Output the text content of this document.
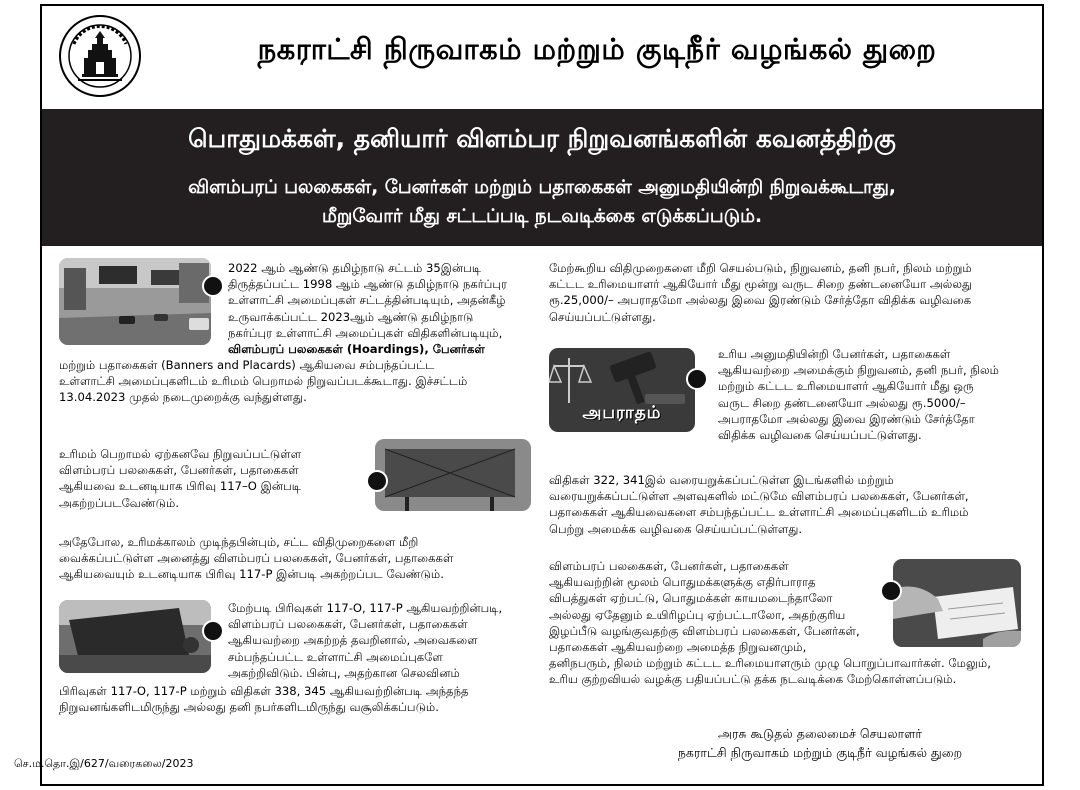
நகராட்சி நிருவாகம் மற்றும் குடிநீர் வழங்கல் துறை
பொதுமக்கள், தனியார் விளம்பர நிறுவனங்களின் கவனத்திற்கு
விளம்பரப் பலகைகள், பேனர்கள் மற்றும் பதாகைகள் அனுமதியின்றி நிறுவக்கூடாது,
மீறுவோர் மீது சட்டப்படி நடவடிக்கை எடுக்கப்படும்.

2022 ஆம் ஆண்டு தமிழ்நாடு சட்டம் 35இன்படி

திருத்தப்பட்ட 1998 ஆம் ஆண்டு தமிழ்நாடு நகர்ப்புர

உள்ளாட்சி அமைப்புகள் சட்டத்தின்படியும், அதன்கீழ்

உருவாக்கப்பட்ட 2023ஆம் ஆண்டு தமிழ்நாடு

நகர்ப்புர உள்ளாட்சி அமைப்புகள் விதிகளின்படியும்,

விளம்பரப் பலகைகள் (Hoardings), பேனர்கள்

மற்றும் பதாகைகள் (Banners and Placards) ஆகியவை சம்பந்தப்பட்ட

உள்ளாட்சி அமைப்புகளிடம் உரிமம் பெறாமல் நிறுவப்படக்கூடாது. இச்சட்டம்

13.04.2023 முதல் நடைமுறைக்கு வந்துள்ளது.

உரிமம் பெறாமல் ஏற்கனவே நிறுவப்பட்டுள்ள

விளம்பரப் பலகைகள், பேனர்கள், பதாகைகள்

ஆகியவை உடனடியாக பிரிவு 117–O இன்படி

அகற்றப்படவேண்டும்.

அதேபோல, உரிமக்காலம் முடிந்தபின்பும், சட்ட விதிமுறைகளை மீறி

வைக்கப்பட்டுள்ள அனைத்து விளம்பரப் பலகைகள், பேனர்கள், பதாகைகள்

ஆகியவையும் உடனடியாக பிரிவு 117-P இன்படி அகற்றப்பட வேண்டும்.

மேற்படி பிரிவுகள் 117-O, 117-P ஆகியவற்றின்படி,

விளம்பரப் பலகைகள், பேனர்கள், பதாகைகள்

ஆகியவற்றை அகற்றத் தவறினால், அவைகளை

சம்பந்தப்பட்ட உள்ளாட்சி அமைப்புகளே

அகற்றிவிடும். பின்பு, அதற்கான செலவினம்

பிரிவுகள் 117-O, 117-P மற்றும் விதிகள் 338, 345 ஆகியவற்றின்படி அந்தந்த

நிறுவனங்களிடமிருந்து அல்லது தனி நபர்களிடமிருந்து வசூலிக்கப்படும்.

மேற்கூறிய விதிமுறைகளை மீறி செயல்படும், நிறுவனம், தனி நபர், நிலம் மற்றும்

கட்டட உரிமையாளர் ஆகியோர் மீது மூன்று வருட சிறை தண்டனையோ அல்லது

ரூ.25,000/– அபராதமோ அல்லது இவை இரண்டும் சேர்த்தோ விதிக்க வழிவகை

செய்யப்பட்டுள்ளது.

அபராதம்

உரிய அனுமதியின்றி பேனர்கள், பதாகைகள்

ஆகியவற்றை அமைக்கும் நிறுவனம், தனி நபர், நிலம்

மற்றும் கட்டட உரிமையாளர் ஆகியோர் மீது ஒரு

வருட சிறை தண்டனையோ அல்லது ரூ.5000/–

அபராதமோ அல்லது இவை இரண்டும் சேர்த்தோ

விதிக்க வழிவகை செய்யப்பட்டுள்ளது.

விதிகள் 322, 341இல் வரையறுக்கப்பட்டுள்ள இடங்களில் மற்றும்

வரையறுக்கப்பட்டுள்ள அளவுகளில் மட்டுமே விளம்பரப் பலகைகள், பேனர்கள்,

பதாகைகள் ஆகியவைகளை சம்பந்தப்பட்ட உள்ளாட்சி அமைப்புகளிடம் உரிமம்

பெற்று அமைக்க வழிவகை செய்யப்பட்டுள்ளது.

விளம்பரப் பலகைகள், பேனர்கள், பதாகைகள்

ஆகியவற்றின் மூலம் பொதுமக்களுக்கு எதிர்பாராத

விபத்துகள் ஏற்பட்டு, பொதுமக்கள் காயமடைந்தாலோ

அல்லது ஏதேனும் உயிரிழப்பு ஏற்பட்டாலோ, அதற்குரிய

இழப்பீடு வழங்குவதற்கு விளம்பரப் பலகைகள், பேனர்கள்,

பதாகைகள் ஆகியவற்றை அமைத்த நிறுவனமும்,

தனிநபரும், நிலம் மற்றும் கட்டட உரிமையாளரும் முழு பொறுப்பாவார்கள். மேலும்,

உரிய குற்றவியல் வழக்கு பதியப்பட்டு தக்க நடவடிக்கை மேற்கொள்ளப்படும்.

செ.ம.தொ.இ/627/வரைகலை/2023
அரசு கூடுதல் தலைமைச் செயலாளர்
நகராட்சி நிருவாகம் மற்றும் குடிநீர் வழங்கல் துறை
